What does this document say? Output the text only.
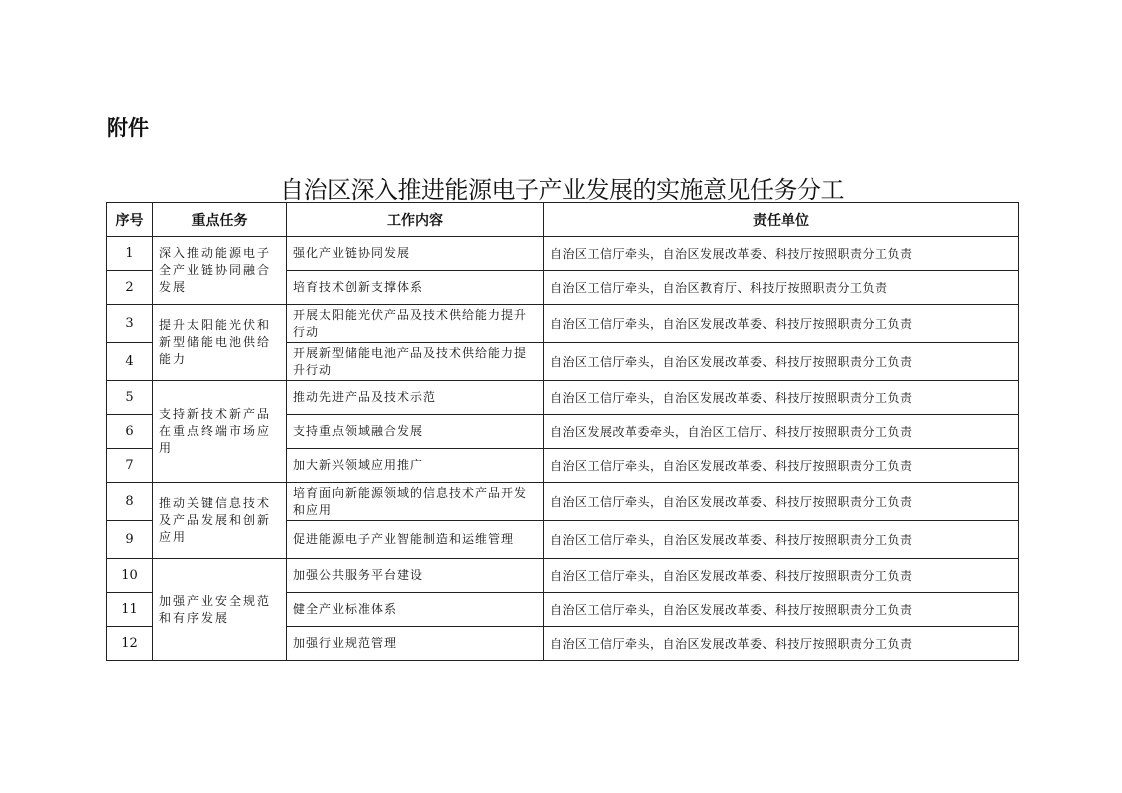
附件
自治区深入推进能源电子产业发展的实施意见任务分工
序号	重点任务	工作内容	责任单位
1	深入推动能源电子全产业链协同融合发展	强化产业链协同发展	自治区工信厅牵头，自治区发展改革委、科技厅按照职责分工负责
2		培育技术创新支撑体系	自治区工信厅牵头，自治区教育厅、科技厅按照职责分工负责
3	提升太阳能光伏和新型储能电池供给能力	开展太阳能光伏产品及技术供给能力提升行动	自治区工信厅牵头，自治区发展改革委、科技厅按照职责分工负责
4		开展新型储能电池产品及技术供给能力提升行动	自治区工信厅牵头，自治区发展改革委、科技厅按照职责分工负责
5	支持新技术新产品在重点终端市场应用	推动先进产品及技术示范	自治区工信厅牵头，自治区发展改革委、科技厅按照职责分工负责
6		支持重点领域融合发展	自治区发展改革委牵头，自治区工信厅、科技厅按照职责分工负责
7		加大新兴领域应用推广	自治区工信厅牵头，自治区发展改革委、科技厅按照职责分工负责
8	推动关键信息技术及产品发展和创新应用	培育面向新能源领域的信息技术产品开发和应用	自治区工信厅牵头，自治区发展改革委、科技厅按照职责分工负责
9		促进能源电子产业智能制造和运维管理	自治区工信厅牵头，自治区发展改革委、科技厅按照职责分工负责
10	加强产业安全规范和有序发展	加强公共服务平台建设	自治区工信厅牵头，自治区发展改革委、科技厅按照职责分工负责
11		健全产业标准体系	自治区工信厅牵头，自治区发展改革委、科技厅按照职责分工负责
12		加强行业规范管理	自治区工信厅牵头，自治区发展改革委、科技厅按照职责分工负责
